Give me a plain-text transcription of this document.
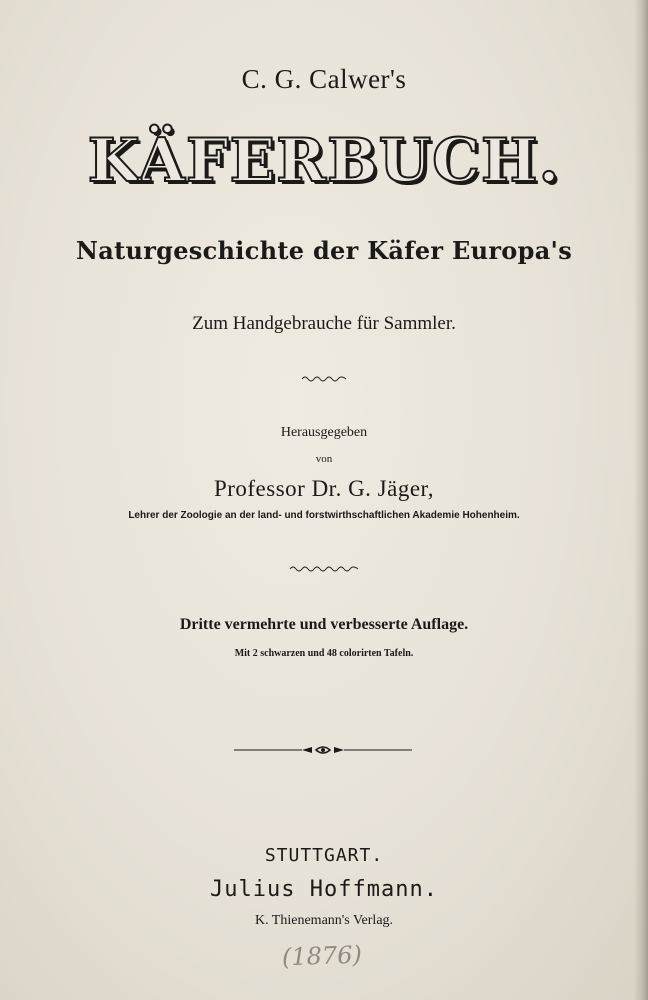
C. G. Calwer's
KÄFERBUCH.
Naturgeschichte der Käfer Europa's
Zum Handgebrauche für Sammler.
Herausgegeben
von
Professor Dr. G. Jäger,
Lehrer der Zoologie an der land- und forstwirthschaftlichen Akademie Hohenheim.
Dritte vermehrte und verbesserte Auflage.
Mit 2 schwarzen und 48 colorirten Tafeln.
STUTTGART.
Julius Hoffmann.
K. Thienemann's Verlag.
(1876)
